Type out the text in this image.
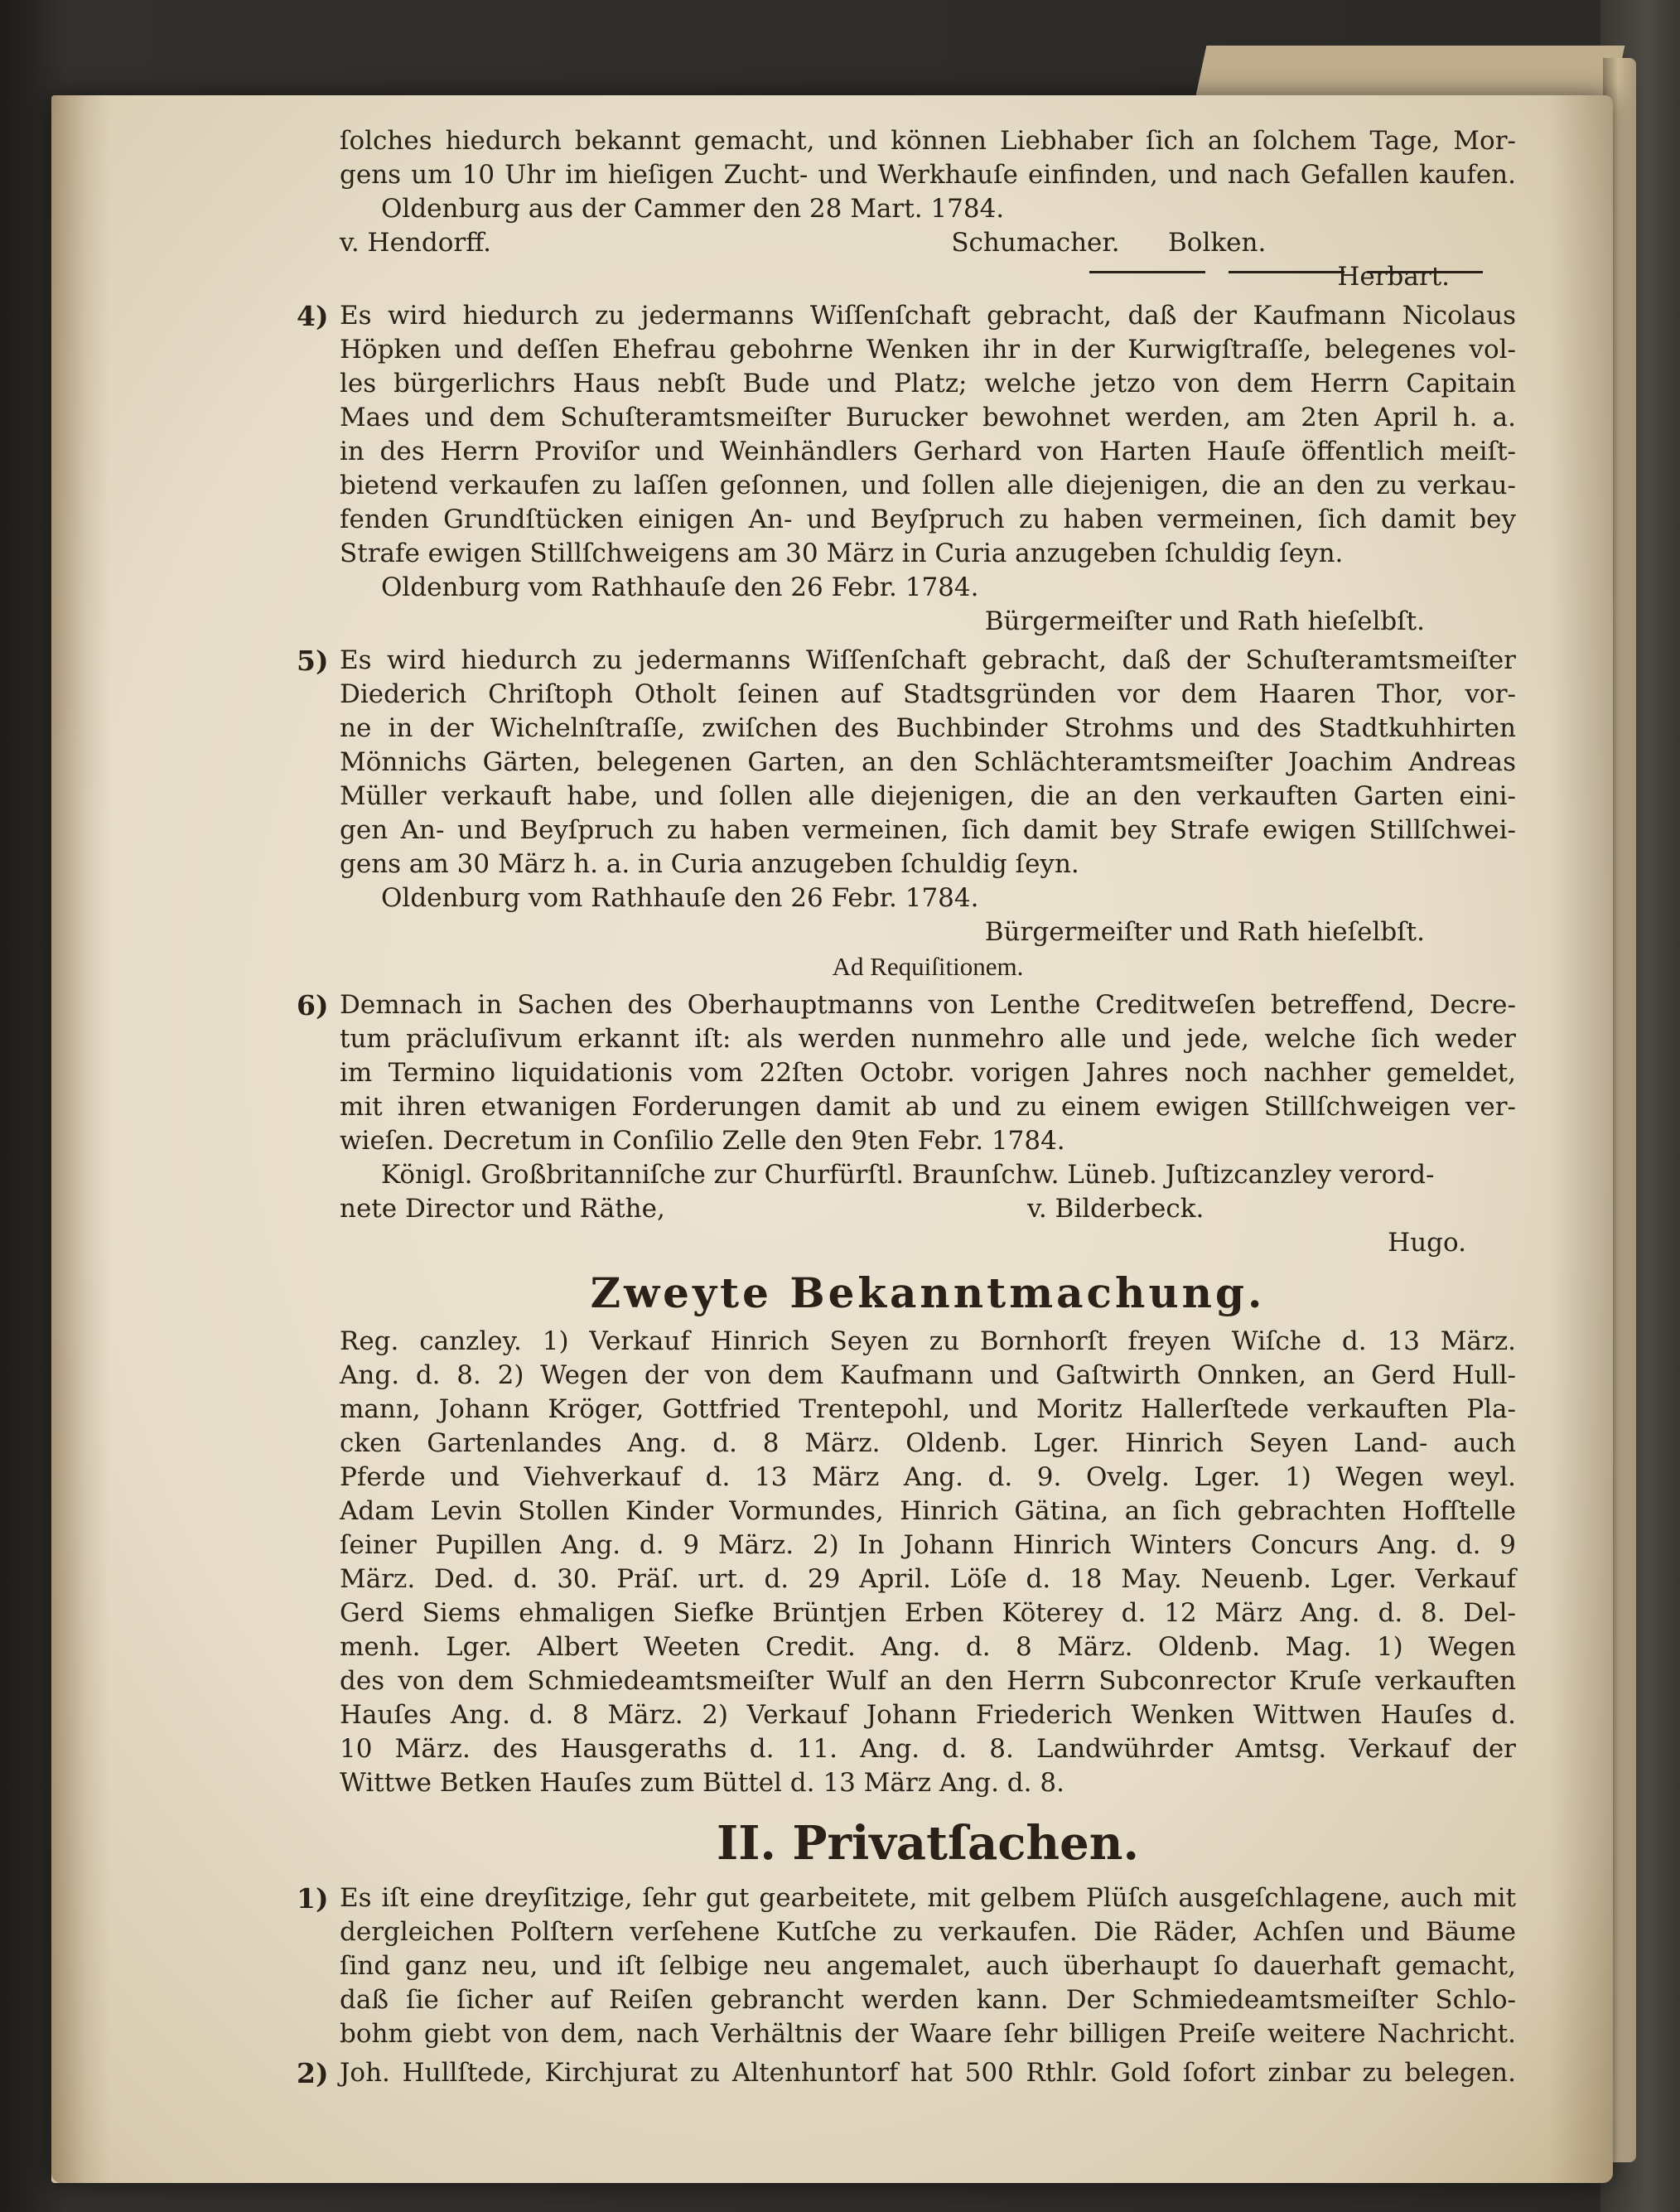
ſolches hiedurch bekannt gemacht, und können Liebhaber ſich an ſolchem Tage, Mor-
gens um 10 Uhr im hieſigen Zucht- und Werkhauſe einfinden, und nach Gefallen kaufen.
Oldenburg aus der Cammer den 28 Mart. 1784.
v. Hendorff.	Schumacher.	Bolken.
Herbart.
4) Es wird hiedurch zu jedermanns Wiſſenſchaft gebracht, daß der Kaufmann Nicolaus
Höpken und deſſen Ehefrau gebohrne Wenken ihr in der Kurwigſtraſſe, belegenes vol-
les bürgerlichrs Haus nebſt Bude und Platz; welche jetzo von dem Herrn Capitain
Maes und dem Schuſteramtsmeiſter Burucker bewohnet werden, am 2ten April h. a.
in des Herrn Proviſor und Weinhändlers Gerhard von Harten Hauſe öffentlich meiſt-
bietend verkaufen zu laſſen geſonnen, und ſollen alle diejenigen, die an den zu verkau-
fenden Grundſtücken einigen An- und Beyſpruch zu haben vermeinen, ſich damit bey
Strafe ewigen Stillſchweigens am 30 März in Curia anzugeben ſchuldig ſeyn.
Oldenburg vom Rathhauſe den 26 Febr. 1784.
Bürgermeiſter und Rath hieſelbſt.
5) Es wird hiedurch zu jedermanns Wiſſenſchaft gebracht, daß der Schuſteramtsmeiſter
Diederich Chriſtoph Otholt ſeinen auf Stadtsgründen vor dem Haaren Thor, vor-
ne in der Wichelnſtraſſe, zwiſchen des Buchbinder Strohms und des Stadtkuhhirten
Mönnichs Gärten, belegenen Garten, an den Schlächteramtsmeiſter Joachim Andreas
Müller verkauft habe, und ſollen alle diejenigen, die an den verkauften Garten eini-
gen An- und Beyſpruch zu haben vermeinen, ſich damit bey Strafe ewigen Stillſchwei-
gens am 30 März h. a. in Curia anzugeben ſchuldig ſeyn.
Oldenburg vom Rathhauſe den 26 Febr. 1784.
Bürgermeiſter und Rath hieſelbſt.
Ad Requiſitionem.
6) Demnach in Sachen des Oberhauptmanns von Lenthe Creditweſen betreffend, Decre-
tum präcluſivum erkannt iſt: als werden nunmehro alle und jede, welche ſich weder
im Termino liquidationis vom 22ſten Octobr. vorigen Jahres noch nachher gemeldet,
mit ihren etwanigen Forderungen damit ab und zu einem ewigen Stillſchweigen ver-
wieſen. Decretum in Conſilio Zelle den 9ten Febr. 1784.
Königl. Großbritanniſche zur Churfürſtl. Braunſchw. Lüneb. Juſtizcanzley verord-
nete Director und Räthe,	v. Bilderbeck.
Hugo.
Zweyte Bekanntmachung.
Reg. canzley. 1) Verkauf Hinrich Seyen zu Bornhorſt freyen Wiſche d. 13 März.
Ang. d. 8. 2) Wegen der von dem Kaufmann und Gaſtwirth Onnken, an Gerd Hull-
mann, Johann Kröger, Gottfried Trentepohl, und Moritz Hallerſtede verkauften Pla-
cken Gartenlandes Ang. d. 8 März. Oldenb. Lger. Hinrich Seyen Land- auch
Pferde und Viehverkauf d. 13 März Ang. d. 9. Ovelg. Lger. 1) Wegen weyl.
Adam Levin Stollen Kinder Vormundes, Hinrich Gätina, an ſich gebrachten Hofſtelle
ſeiner Pupillen Ang. d. 9 März. 2) In Johann Hinrich Winters Concurs Ang. d. 9
März. Ded. d. 30. Präſ. urt. d. 29 April. Löſe d. 18 May. Neuenb. Lger. Verkauf
Gerd Siems ehmaligen Siefke Brüntjen Erben Köterey d. 12 März Ang. d. 8. Del-
menh. Lger. Albert Weeten Credit. Ang. d. 8 März. Oldenb. Mag. 1) Wegen
des von dem Schmiedeamtsmeiſter Wulf an den Herrn Subconrector Kruſe verkauften
Hauſes Ang. d. 8 März. 2) Verkauf Johann Friederich Wenken Wittwen Hauſes d.
10 März. des Hausgeraths d. 11. Ang. d. 8. Landwührder Amtsg. Verkauf der
Wittwe Betken Hauſes zum Büttel d. 13 März Ang. d. 8.
II. Privatſachen.
1) Es iſt eine dreyſitzige, ſehr gut gearbeitete, mit gelbem Plüſch ausgeſchlagene, auch mit
dergleichen Polſtern verſehene Kutſche zu verkaufen. Die Räder, Achſen und Bäume
ſind ganz neu, und iſt ſelbige neu angemalet, auch überhaupt ſo dauerhaft gemacht,
daß ſie ſicher auf Reiſen gebrancht werden kann. Der Schmiedeamtsmeiſter Schlo-
bohm giebt von dem, nach Verhältnis der Waare ſehr billigen Preiſe weitere Nachricht.
2) Joh. Hullſtede, Kirchjurat zu Altenhuntorf hat 500 Rthlr. Gold ſofort zinbar zu belegen.
